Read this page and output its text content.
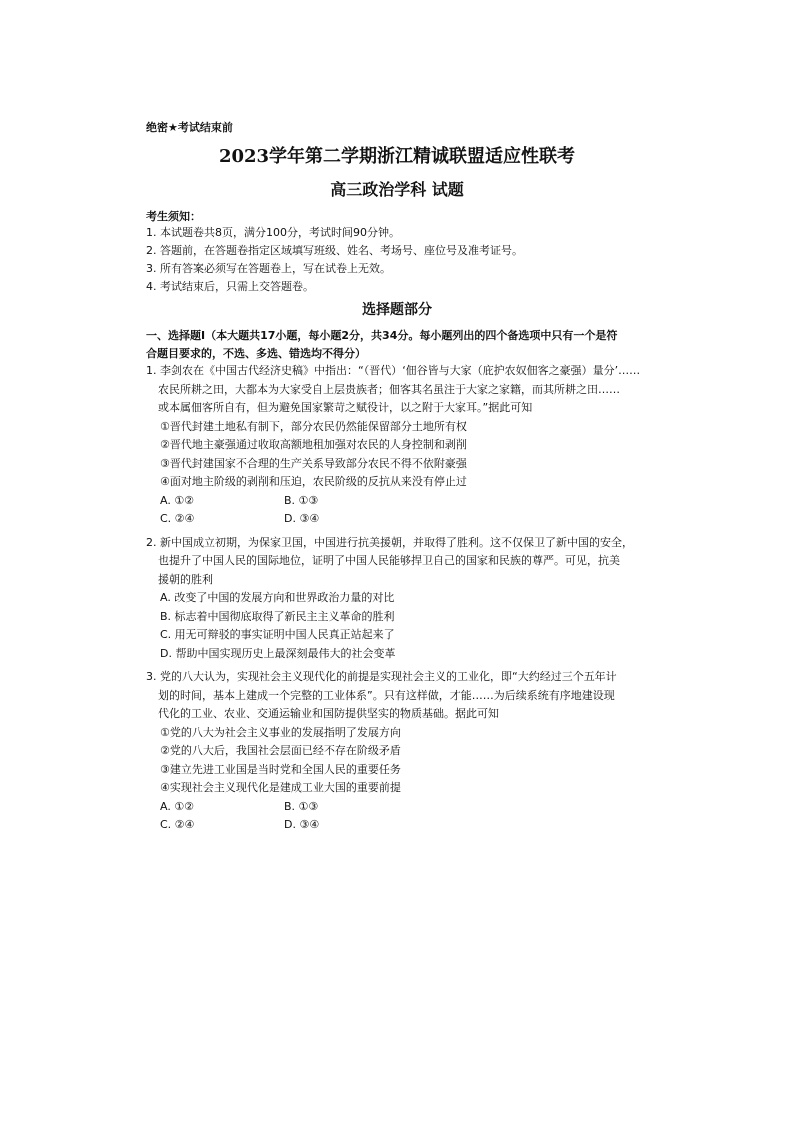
绝密★考试结束前
2023学年第二学期浙江精诚联盟适应性联考
高三政治学科 试题
考生须知：
1. 本试题卷共8页，满分100分，考试时间90分钟。
2. 答题前，在答题卷指定区域填写班级、姓名、考场号、座位号及准考证号。
3. 所有答案必须写在答题卷上，写在试卷上无效。
4. 考试结束后，只需上交答题卷。
选择题部分
一、选择题Ⅰ（本大题共17小题，每小题2分，共34分。每小题列出的四个备选项中只有一个是符
合题目要求的，不选、多选、错选均不得分）
1. 李剑农在《中国古代经济史稿》中指出：“（晋代）‘佃谷皆与大家（庇护农奴佃客之豪强）量分’……
农民所耕之田，大都本为大家受自上层贵族者；佃客其名虽注于大家之家籍，而其所耕之田……
或本属佃客所自有，但为避免国家繁苛之赋役计，以之附于大家耳。”据此可知
①晋代封建土地私有制下，部分农民仍然能保留部分土地所有权
②晋代地主豪强通过收取高额地租加强对农民的人身控制和剥削
③晋代封建国家不合理的生产关系导致部分农民不得不依附豪强
④面对地主阶级的剥削和压迫，农民阶级的反抗从来没有停止过
A. ①②	B. ①③
C. ②④	D. ③④
2. 新中国成立初期，为保家卫国，中国进行抗美援朝，并取得了胜利。这不仅保卫了新中国的安全，
也提升了中国人民的国际地位，证明了中国人民能够捍卫自己的国家和民族的尊严。可见，抗美
援朝的胜利
A. 改变了中国的发展方向和世界政治力量的对比
B. 标志着中国彻底取得了新民主主义革命的胜利
C. 用无可辩驳的事实证明中国人民真正站起来了
D. 帮助中国实现历史上最深刻最伟大的社会变革
3. 党的八大认为，实现社会主义现代化的前提是实现社会主义的工业化，即“大约经过三个五年计
划的时间，基本上建成一个完整的工业体系”。只有这样做，才能……为后续系统有序地建设现
代化的工业、农业、交通运输业和国防提供坚实的物质基础。据此可知
①党的八大为社会主义事业的发展指明了发展方向
②党的八大后，我国社会层面已经不存在阶级矛盾
③建立先进工业国是当时党和全国人民的重要任务
④实现社会主义现代化是建成工业大国的重要前提
A. ①②	B. ①③
C. ②④	D. ③④
